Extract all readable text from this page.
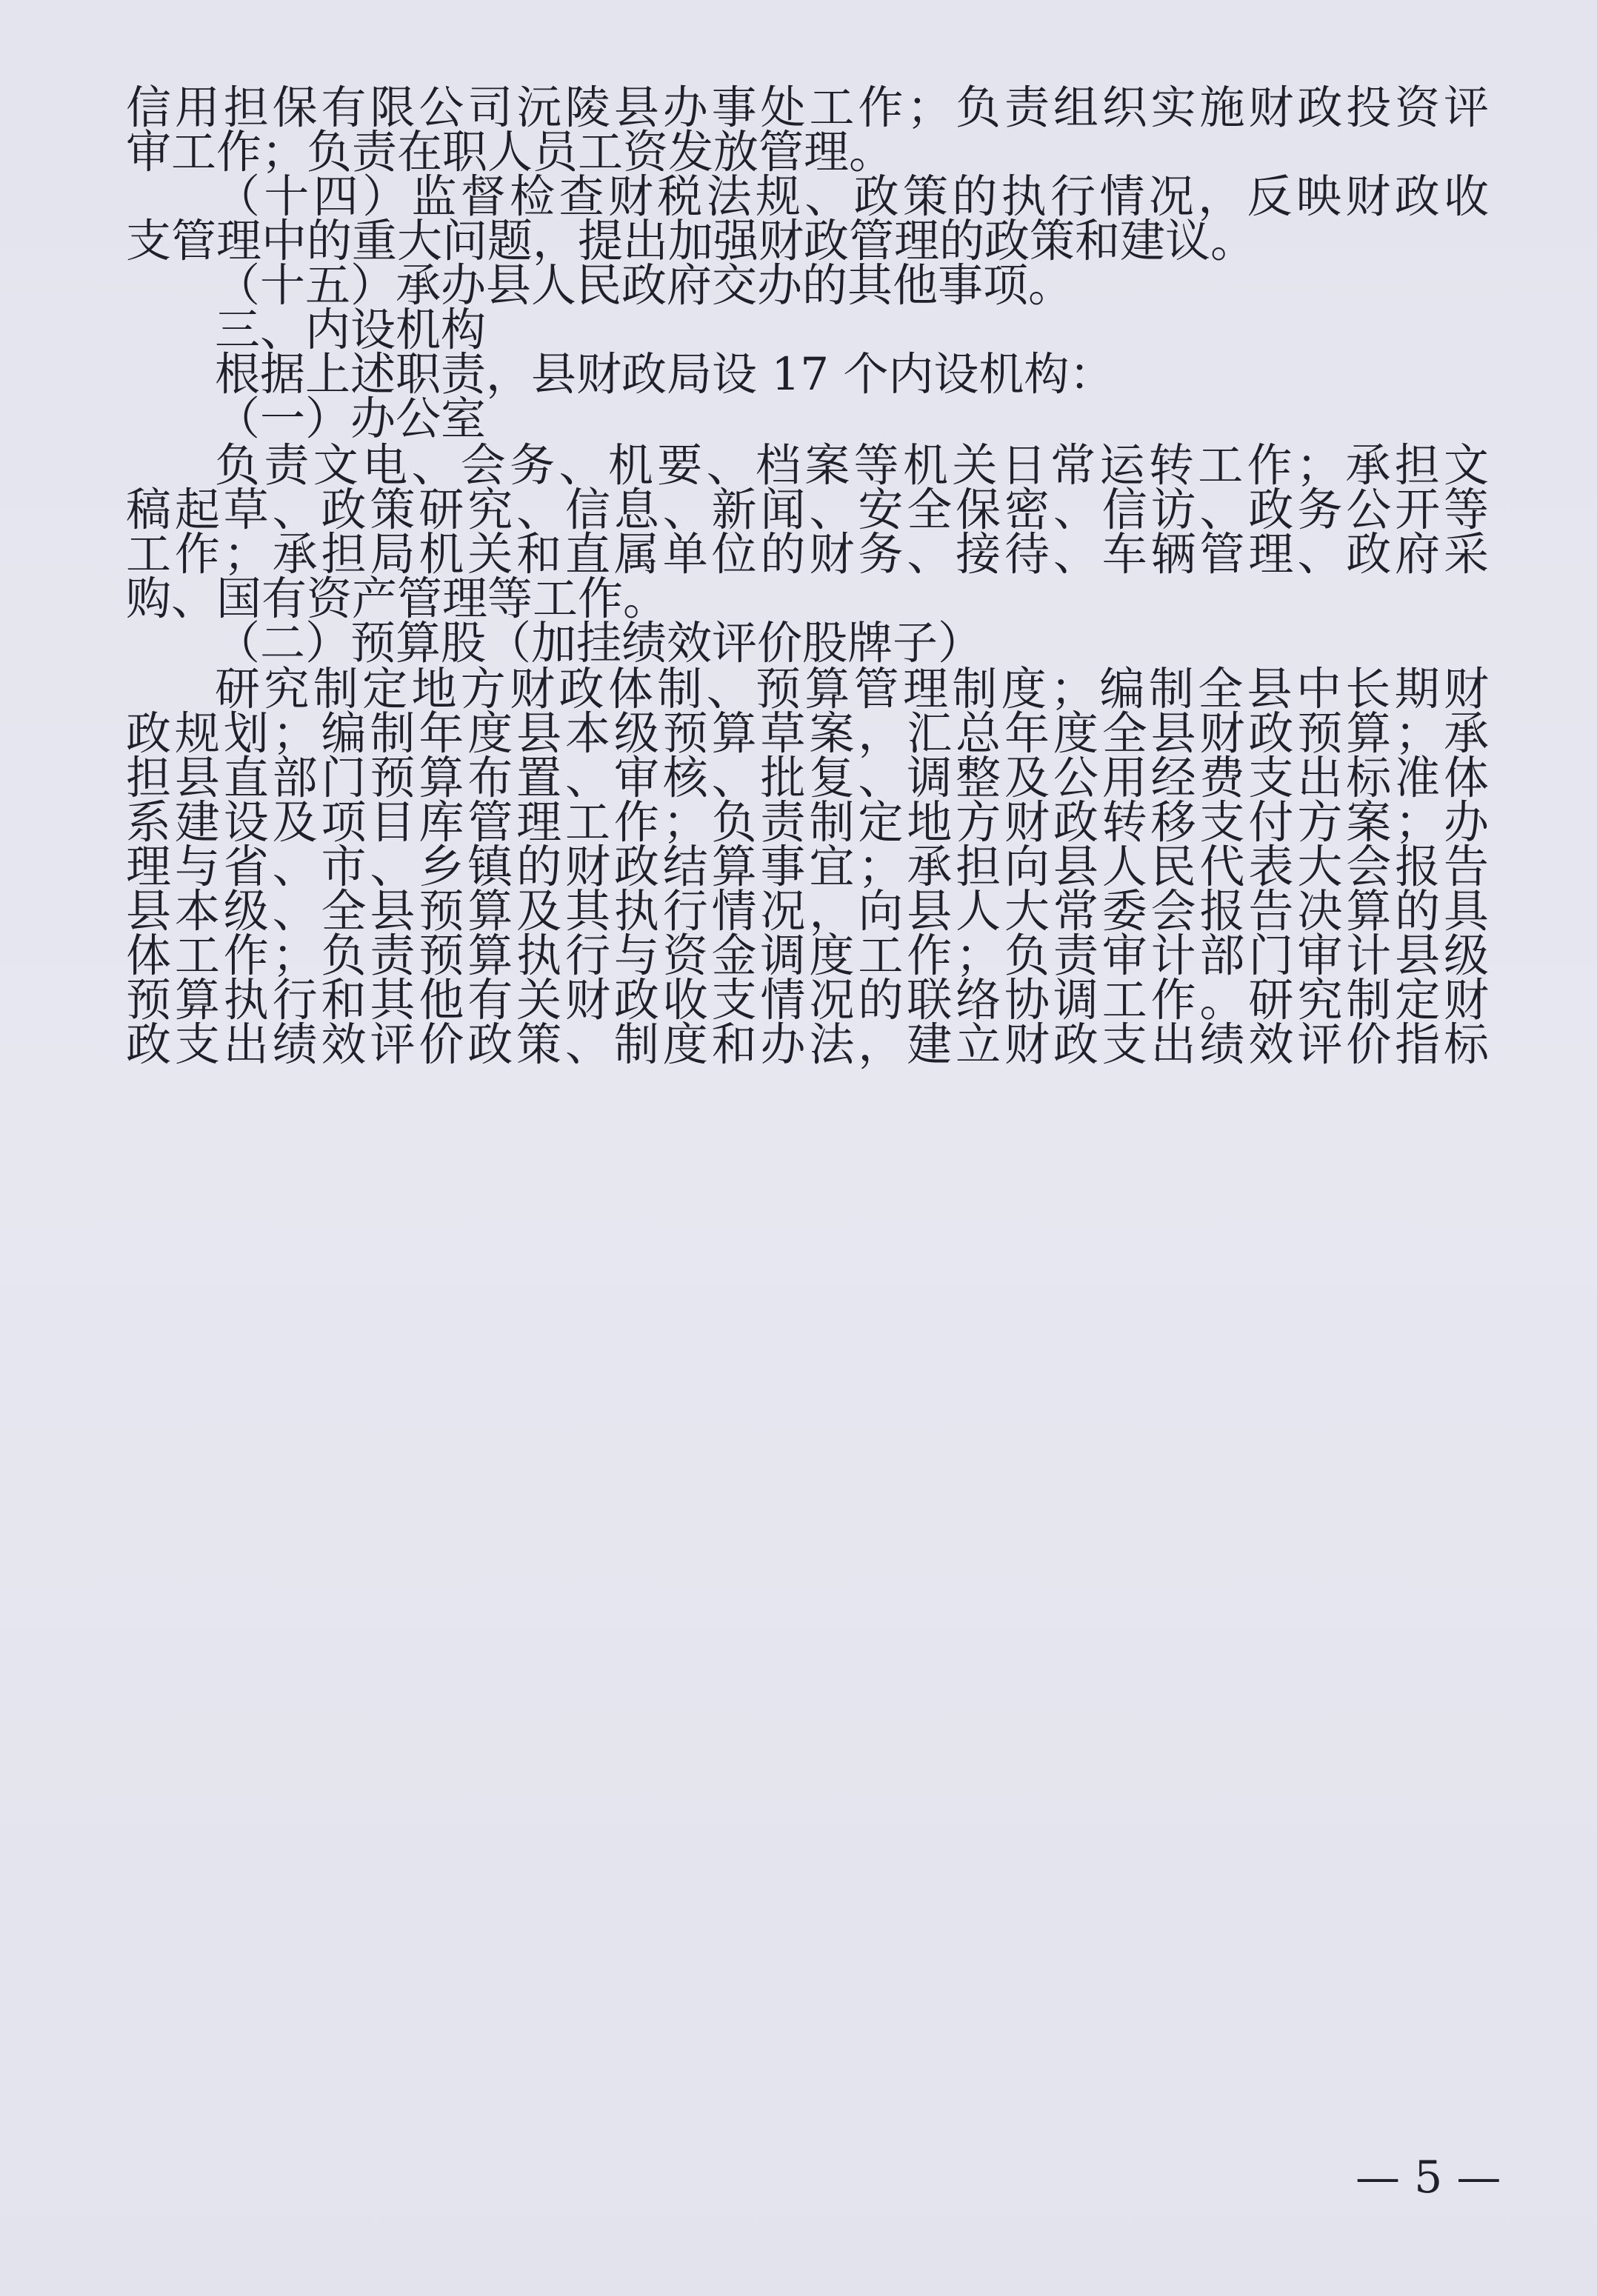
信用担保有限公司沅陵县办事处工作；负责组织实施财政投资评
审工作；负责在职人员工资发放管理。
（十四）监督检查财税法规、政策的执行情况，反映财政收
支管理中的重大问题，提出加强财政管理的政策和建议。
（十五）承办县人民政府交办的其他事项。
三、内设机构
根据上述职责，县财政局设 17 个内设机构：
（一）办公室
负责文电、会务、机要、档案等机关日常运转工作；承担文
稿起草、政策研究、信息、新闻、安全保密、信访、政务公开等
工作；承担局机关和直属单位的财务、接待、车辆管理、政府采
购、国有资产管理等工作。
（二）预算股（加挂绩效评价股牌子）
研究制定地方财政体制、预算管理制度；编制全县中长期财
政规划；编制年度县本级预算草案，汇总年度全县财政预算；承
担县直部门预算布置、审核、批复、调整及公用经费支出标准体
系建设及项目库管理工作；负责制定地方财政转移支付方案；办
理与省、市、乡镇的财政结算事宜；承担向县人民代表大会报告
县本级、全县预算及其执行情况，向县人大常委会报告决算的具
体工作；负责预算执行与资金调度工作；负责审计部门审计县级
预算执行和其他有关财政收支情况的联络协调工作。研究制定财
政支出绩效评价政策、制度和办法，建立财政支出绩效评价指标
— 5 —
